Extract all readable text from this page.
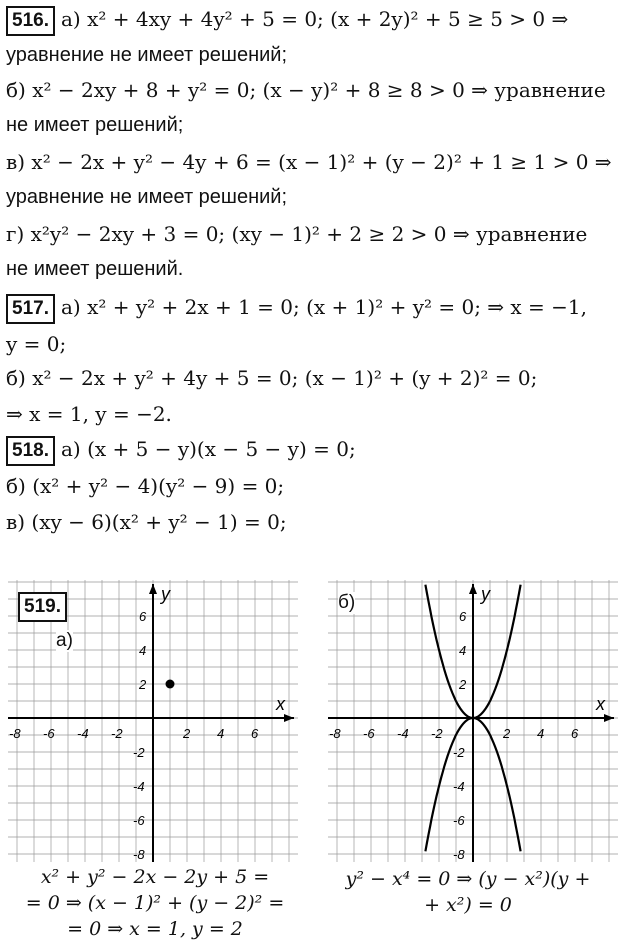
516. а) x² + 4xy + 4y² + 5 = 0; (x + 2y)² + 5 ≥ 5 > 0 ⇒
уравнение не имеет решений;
б) x² − 2xy + 8 + y² = 0; (x − y)² + 8 ≥ 8 > 0 ⇒ уравнение
не имеет решений;
в) x² − 2x + y² − 4y + 6 = (x − 1)² + (y − 2)² + 1 ≥ 1 > 0 ⇒
уравнение не имеет решений;
г) x²y² − 2xy + 3 = 0; (xy − 1)² + 2 ≥ 2 > 0 ⇒ уравнение
не имеет решений.
517. а) x² + y² + 2x + 1 = 0; (x + 1)² + y² = 0; ⇒ x = −1,
y = 0;
б) x² − 2x + y² + 4y + 5 = 0; (x − 1)² + (y + 2)² = 0;
⇒ x = 1, y = −2.
518. а) (x + 5 − y)(x − 5 − y) = 0;
б) (x² + y² − 4)(y² − 9) = 0;
в) (xy − 6)(x² + y² − 1) = 0;
x
y
-8 -6 -4 -2	2 4 6
6
4
2
-2
-4
-6
-8
x
y
-8 -6 -4 -2	2 4 6
6
4
2
-2
-4
-6
-8
519.
а)
б)
x² + y² − 2x − 2y + 5 =
= 0 ⇒ (x − 1)² + (y − 2)² =
= 0 ⇒ x = 1, y = 2
y² − x⁴ = 0 ⇒ (y − x²)(y +
+ x²) = 0
